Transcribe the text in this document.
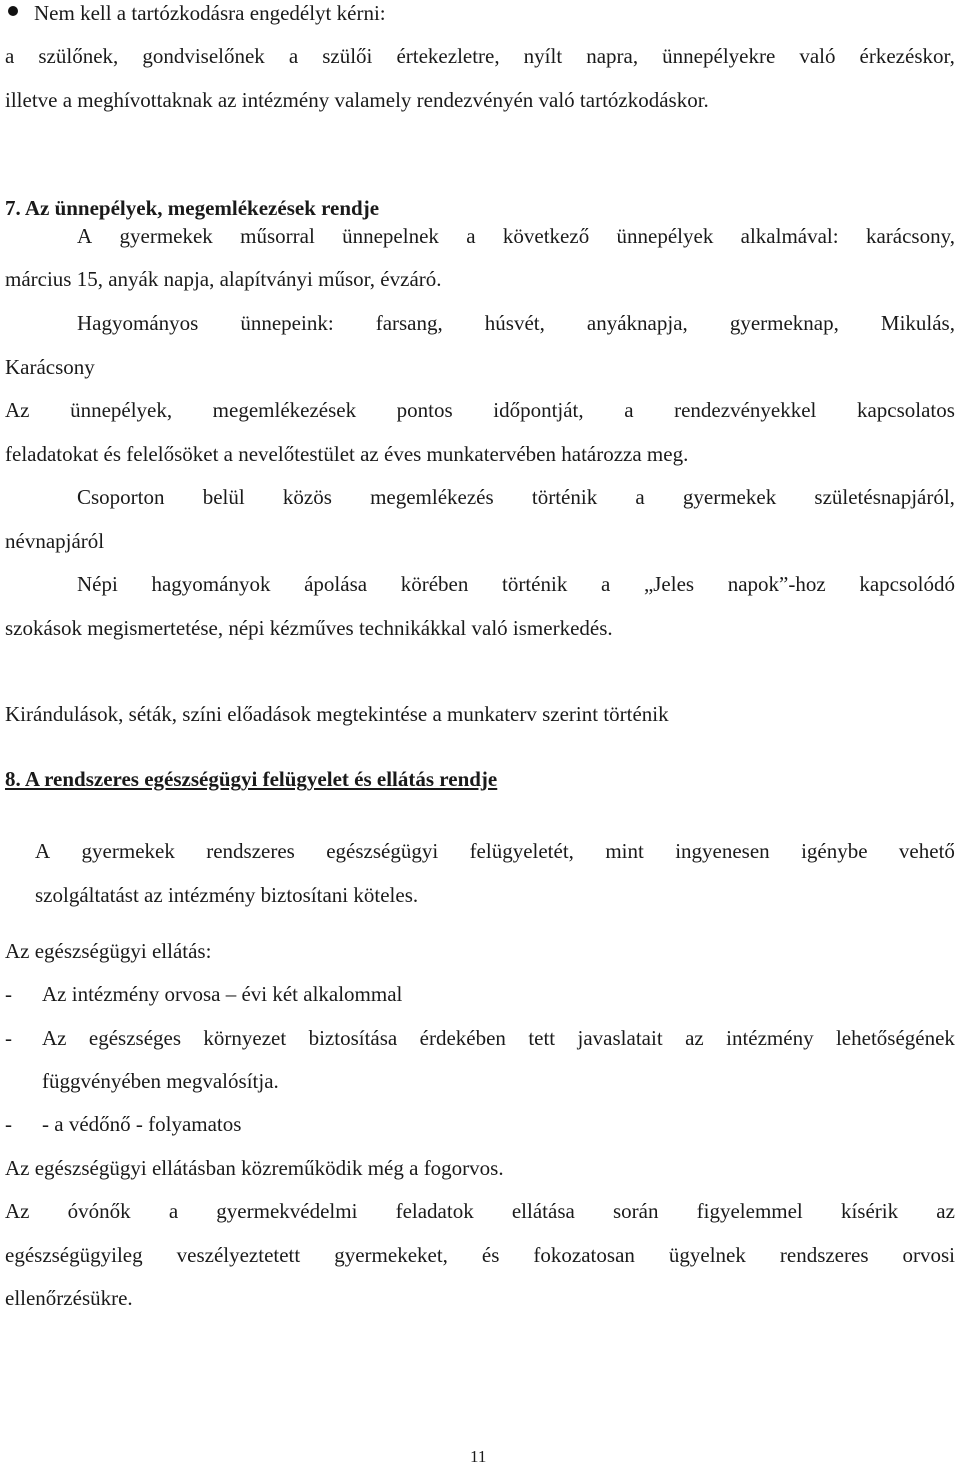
Nem kell a tartózkodásra engedélyt kérni:
a szülőnek, gondviselőnek a szülői értekezletre, nyílt napra, ünnepélyekre való érkezéskor,
illetve a meghívottaknak az intézmény valamely rendezvényén való tartózkodáskor.
7. Az ünnepélyek, megemlékezések rendje
A gyermekek műsorral ünnepelnek a következő ünnepélyek alkalmával: karácsony,
március 15, anyák napja, alapítványi műsor, évzáró.
Hagyományos ünnepeink: farsang, húsvét, anyáknapja, gyermeknap, Mikulás,
Karácsony
Az ünnepélyek, megemlékezések pontos időpontját, a rendezvényekkel kapcsolatos
feladatokat és felelősöket a nevelőtestület az éves munkatervében határozza meg.
Csoporton belül közös megemlékezés történik a gyermekek születésnapjáról,
névnapjáról
Népi hagyományok ápolása körében történik a „Jeles napok”-hoz kapcsolódó
szokások megismertetése, népi kézműves technikákkal való ismerkedés.
Kirándulások, séták, színi előadások megtekintése a munkaterv szerint történik
8. A rendszeres egészségügyi felügyelet és ellátás rendje
A gyermekek rendszeres egészségügyi felügyeletét, mint ingyenesen igénybe vehető
szolgáltatást az intézmény biztosítani köteles.
Az egészségügyi ellátás:
- Az intézmény orvosa – évi két alkalommal
- Az egészséges környezet biztosítása érdekében tett javaslatait az intézmény lehetőségének
függvényében megvalósítja.
- - a védőnő - folyamatos
Az egészségügyi ellátásban közreműködik még a fogorvos.
Az óvónők a gyermekvédelmi feladatok ellátása során figyelemmel kísérik az
egészségügyileg veszélyeztetett gyermekeket, és fokozatosan ügyelnek rendszeres orvosi
ellenőrzésükre.
11
